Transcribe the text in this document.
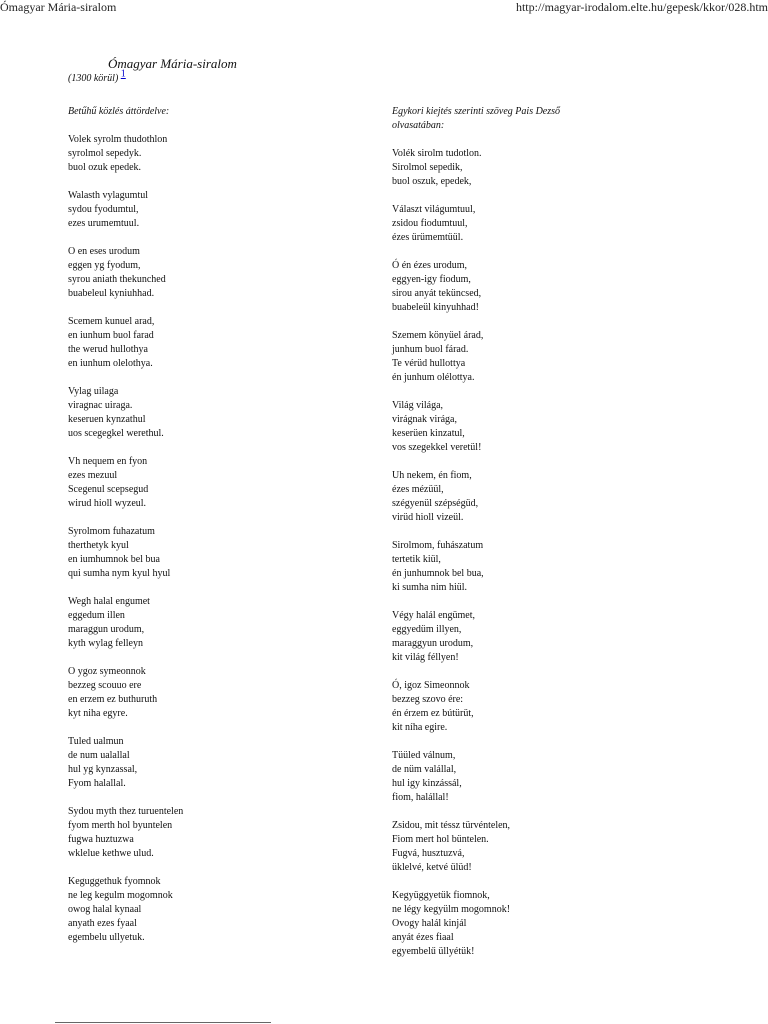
Ómagyar Mária-siralom	http://magyar-irodalom.elte.hu/gepesk/kkor/028.htm
Ómagyar Mária-siralom
(1300 körül) 1
Betűhű közlés áttördelve:
Volek syrolm thudothlon
syrolmol sepedyk.
buol ozuk epedek.
Walasth vylagumtul
sydou fyodumtul,
ezes urumemtuul.
O en eses urodum
eggen yg fyodum,
syrou aniath thekunched
buabeleul kyniuhhad.
Scemem kunuel arad,
en iunhum buol farad
the werud hullothya
en iunhum olelothya.
Vylag uilaga
viragnac uiraga.
keseruen kynzathul
uos scegegkel werethul.
Vh nequem en fyon
ezes mezuul
Scegenul scepsegud
wirud hioll wyzeul.
Syrolmom fuhazatum
therthetyk kyul
en iumhumnok bel bua
qui sumha nym kyul hyul
Wegh halal engumet
eggedum illen
maraggun urodum,
kyth wylag felleyn
O ygoz symeonnok
bezzeg scouuo ere
en erzem ez buthuruth
kyt niha egyre.
Tuled ualmun
de num ualallal
hul yg kynzassal,
Fyom halallal.
Sydou myth thez turuentelen
fyom merth hol byuntelen
fugwa huztuzwa
wklelue kethwe ulud.
Keguggethuk fyomnok
ne leg kegulm mogomnok
owog halal kynaal
anyath ezes fyaal
egembelu ullyetuk.
Egykori kiejtés szerinti szöveg Pais Dezső olvasatában:
Volék sirolm tudotlon.
Sirolmol sepedik,
buol oszuk, epedek,
Választ világumtuul,
zsidou fiodumtuul,
ézes ürümemtüül.
Ó én ézes urodum,
eggyen-igy fiodum,
sirou anyát teküncsed,
buabeleül kinyuhhad!
Szemem könyüel árad,
junhum buol fárad.
Te vérüd hullottya
én junhum olélottya.
Világ világa,
virágnak virága,
keserüen kinzatul,
vos szegekkel veretül!
Uh nekem, én fiom,
ézes mézüül,
szégyenül szépségüd,
virüd hioll vizeül.
Sirolmom, fuhászatum
tertetik kiül,
én junhumnok bel bua,
ki sumha nim hiül.
Végy halál engümet,
eggyedüm illyen,
maraggyun urodum,
kit világ féllyen!
Ó, igoz Simeonnok
bezzeg szovo ére:
én érzem ez bútürüt,
kit níha egire.
Tüüled válnum,
de nüm valállal,
hul igy kinzássál,
fiom, halállal!
Zsidou, mit téssz türvéntelen,
Fiom mert hol büntelen.
Fugvá, husztuzvá,
üklelvé, ketvé ülüd!
Kegyüggyetük fiomnok,
ne légy kegyülm mogomnok!
Ovogy halál kinjál
anyát ézes fiaal
egyembelű üllyétük!
